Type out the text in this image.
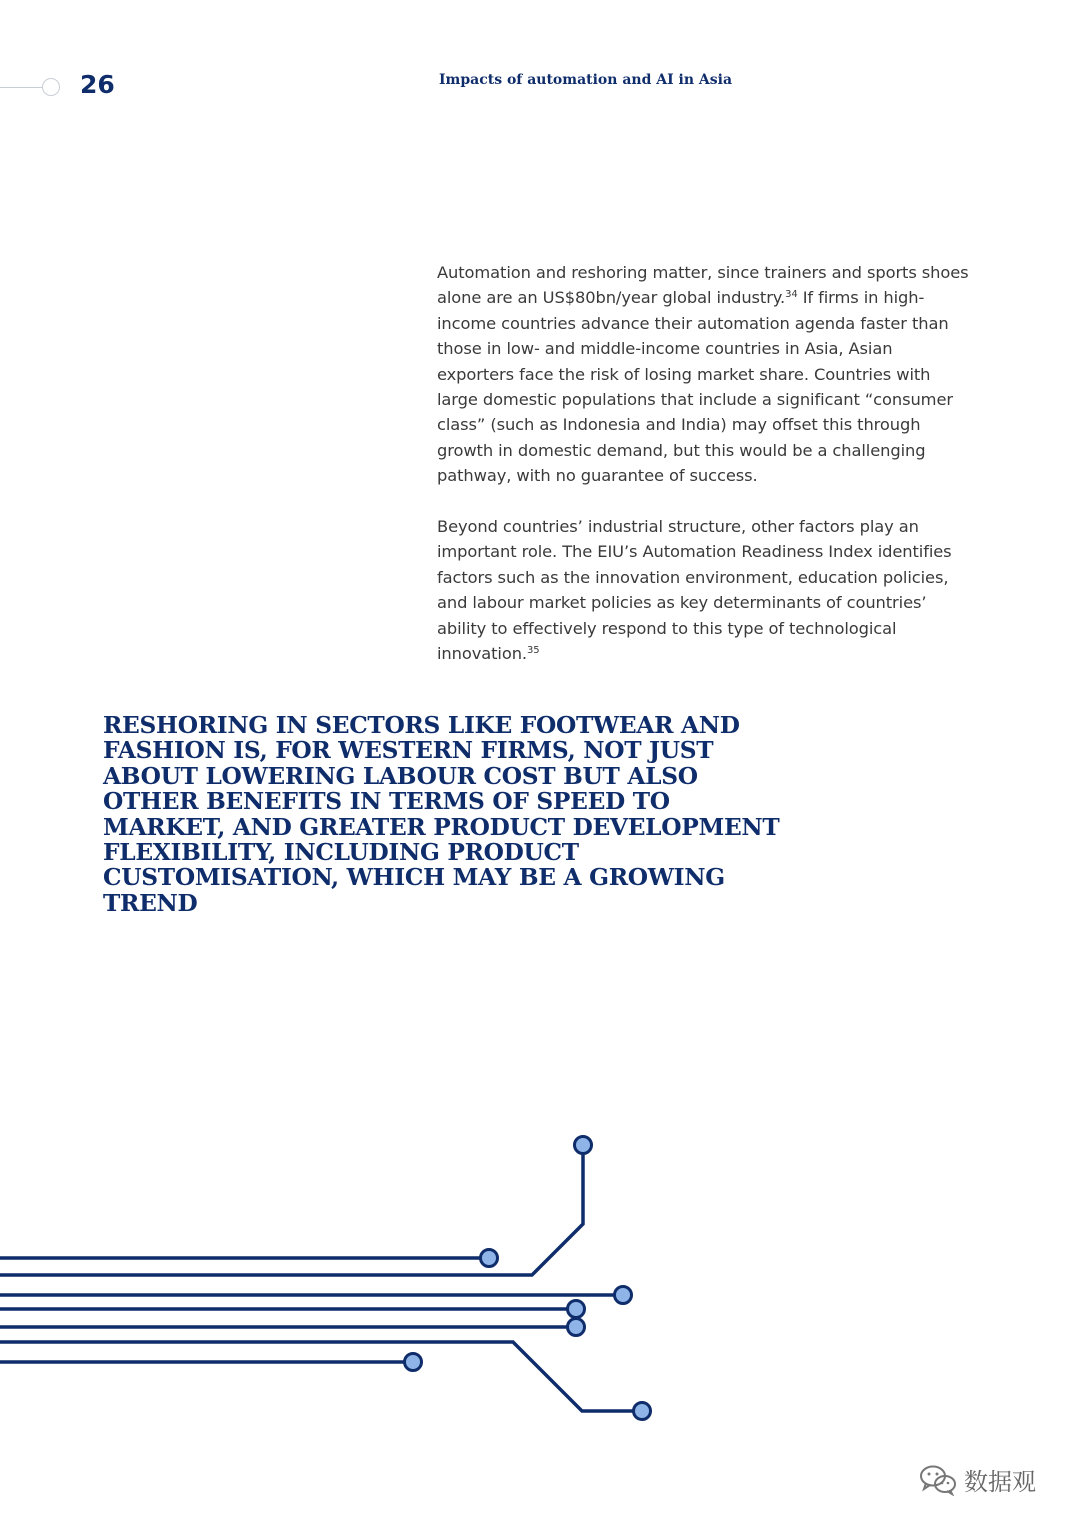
26	Impacts of automation and AI in Asia

Automation and reshoring matter, since trainers and sports shoes alone are an US$80bn/year global industry.$^{34}$ If firms in high-income countries advance their automation agenda faster than those in low- and middle-income countries in Asia, Asian exporters face the risk of losing market share. Countries with large domestic populations that include a significant “consumer class” (such as Indonesia and India) may offset this through growth in domestic demand, but this would be a challenging pathway, with no guarantee of success.

Beyond countries’ industrial structure, other factors play an important role. The EIU’s Automation Readiness Index identifies factors such as the innovation environment, education policies, and labour market policies as key determinants of countries’ ability to effectively respond to this type of technological innovation.$^{35}$

RESHORING IN SECTORS LIKE FOOTWEAR AND FASHION IS, FOR WESTERN FIRMS, NOT JUST ABOUT LOWERING LABOUR COST BUT ALSO OTHER BENEFITS IN TERMS OF SPEED TO MARKET, AND GREATER PRODUCT DEVELOPMENT FLEXIBILITY, INCLUDING PRODUCT CUSTOMISATION, WHICH MAY BE A GROWING TREND
数据观
